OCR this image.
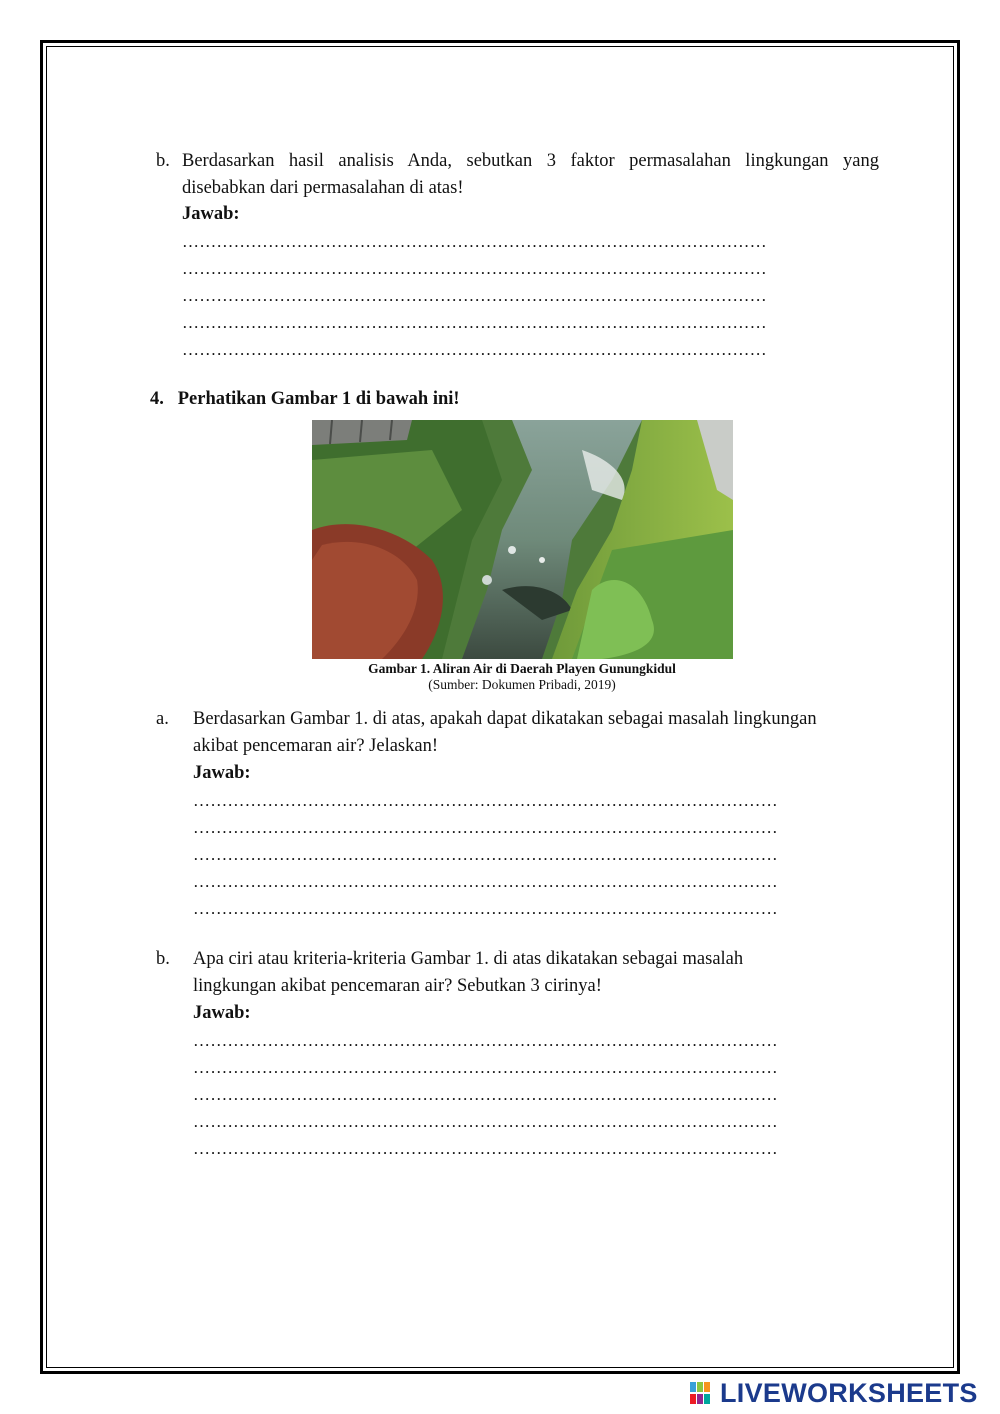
b. Berdasarkan hasil analisis Anda, sebutkan 3 faktor permasalahan lingkungan yang
disebabkan dari permasalahan di atas!
Jawab:
…………………………………………………………………………………………
…………………………………………………………………………………………
…………………………………………………………………………………………
…………………………………………………………………………………………
…………………………………………………………………………………………
4.   Perhatikan Gambar 1 di bawah ini!
Gambar 1. Aliran Air di Daerah Playen Gunungkidul
(Sumber: Dokumen Pribadi, 2019)
a. Berdasarkan Gambar 1. di atas, apakah dapat dikatakan sebagai masalah lingkungan
akibat pencemaran air? Jelaskan!
Jawab:
…………………………………………………………………………………………
…………………………………………………………………………………………
…………………………………………………………………………………………
…………………………………………………………………………………………
…………………………………………………………………………………………
b. Apa ciri atau kriteria-kriteria Gambar 1. di atas dikatakan sebagai masalah
lingkungan akibat pencemaran air? Sebutkan 3 cirinya!
Jawab:
…………………………………………………………………………………………
…………………………………………………………………………………………
…………………………………………………………………………………………
…………………………………………………………………………………………
…………………………………………………………………………………………
LIVEWORKSHEETS
